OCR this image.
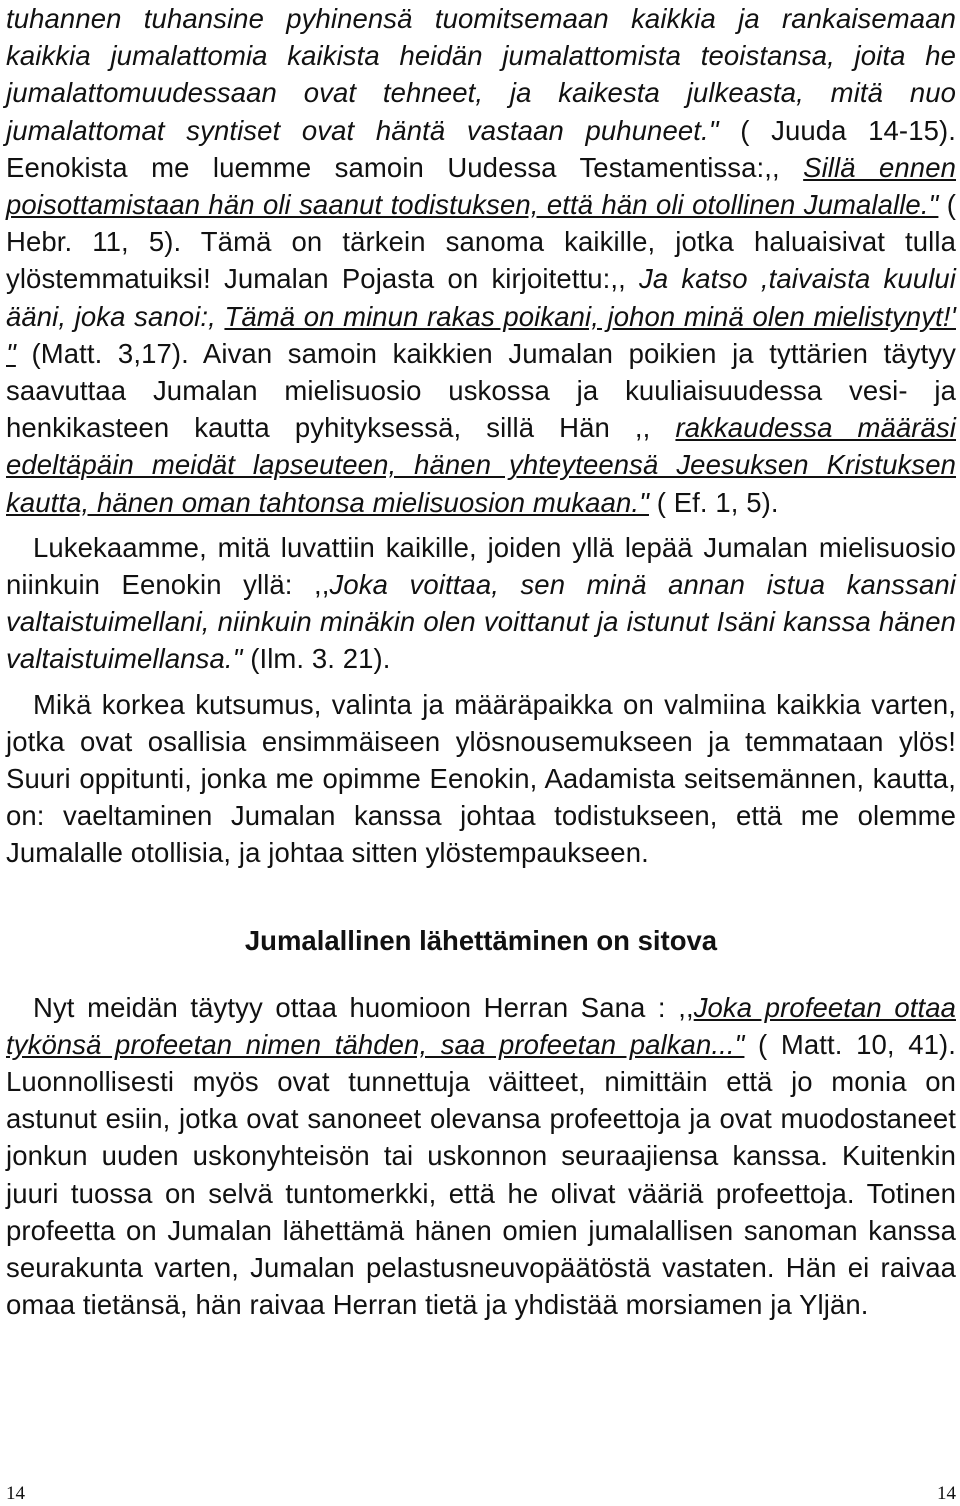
tuhannen tuhansine pyhinensä tuomitsemaan kaikkia ja rankaisemaan kaikkia jumalattomia kaikista heidän jumalattomista teoistansa, joita he jumalattomuudessaan ovat tehneet, ja kaikesta julkeasta, mitä nuo jumalattomat syntiset ovat häntä vastaan puhuneet." ( Juuda 14-15). Eenokista me luemme samoin Uudessa Testamentissa:,, Sillä ennen poisottamistaan hän oli saanut todistuksen, että hän oli otollinen Jumalalle." ( Hebr. 11, 5). Tämä on tärkein sanoma kaikille, jotka haluaisivat tulla ylöstemmatuiksi! Jumalan Pojasta on kirjoitettu:,, Ja katso ,taivaista kuului ääni, joka sanoi:, Tämä on minun rakas poikani, johon minä olen mielistynyt!' " (Matt. 3,17). Aivan samoin kaikkien Jumalan poikien ja tyttärien täytyy saavuttaa Jumalan mielisuosio uskossa ja kuuliaisuudessa vesi- ja henkikasteen kautta pyhityksessä, sillä Hän ,, rakkaudessa määräsi edeltäpäin meidät lapseuteen, hänen yhteyteensä Jeesuksen Kristuksen kautta, hänen oman tahtonsa mielisuosion mukaan." ( Ef. 1, 5).

Lukekaamme, mitä luvattiin kaikille, joiden yllä lepää Jumalan mielisuosio niinkuin Eenokin yllä: ,,Joka voittaa, sen minä annan istua kanssani valtaistuimellani, niinkuin minäkin olen voittanut ja istunut Isäni kanssa hänen valtaistuimellansa." (Ilm. 3. 21).

Mikä korkea kutsumus, valinta ja määräpaikka on valmiina kaikkia varten, jotka ovat osallisia ensimmäiseen ylösnousemukseen ja temmataan ylös! Suuri oppitunti, jonka me opimme Eenokin, Aadamista seitsemännen, kautta, on: vaeltaminen Jumalan kanssa johtaa todistukseen, että me olemme Jumalalle otollisia, ja johtaa sitten ylöstempaukseen.

Jumalallinen lähettäminen on sitova

Nyt meidän täytyy ottaa huomioon Herran Sana : ,,Joka profeetan ottaa tykönsä profeetan nimen tähden, saa profeetan palkan..." ( Matt. 10, 41). Luonnollisesti myös ovat tunnettuja väitteet, nimittäin että jo monia on astunut esiin, jotka ovat sanoneet olevansa profeettoja ja ovat muodostaneet jonkun uuden uskonyhteisön tai uskonnon seuraajiensa kanssa. Kuitenkin juuri tuossa on selvä tuntomerkki, että he olivat vääriä profeettoja. Totinen profeetta on Jumalan lähettämä hänen omien jumalallisen sanoman kanssa seurakunta varten, Jumalan pelastusneuvopäätöstä vastaten. Hän ei raivaa omaa tietänsä, hän raivaa Herran tietä ja yhdistää morsiamen ja Yljän.

14	14
